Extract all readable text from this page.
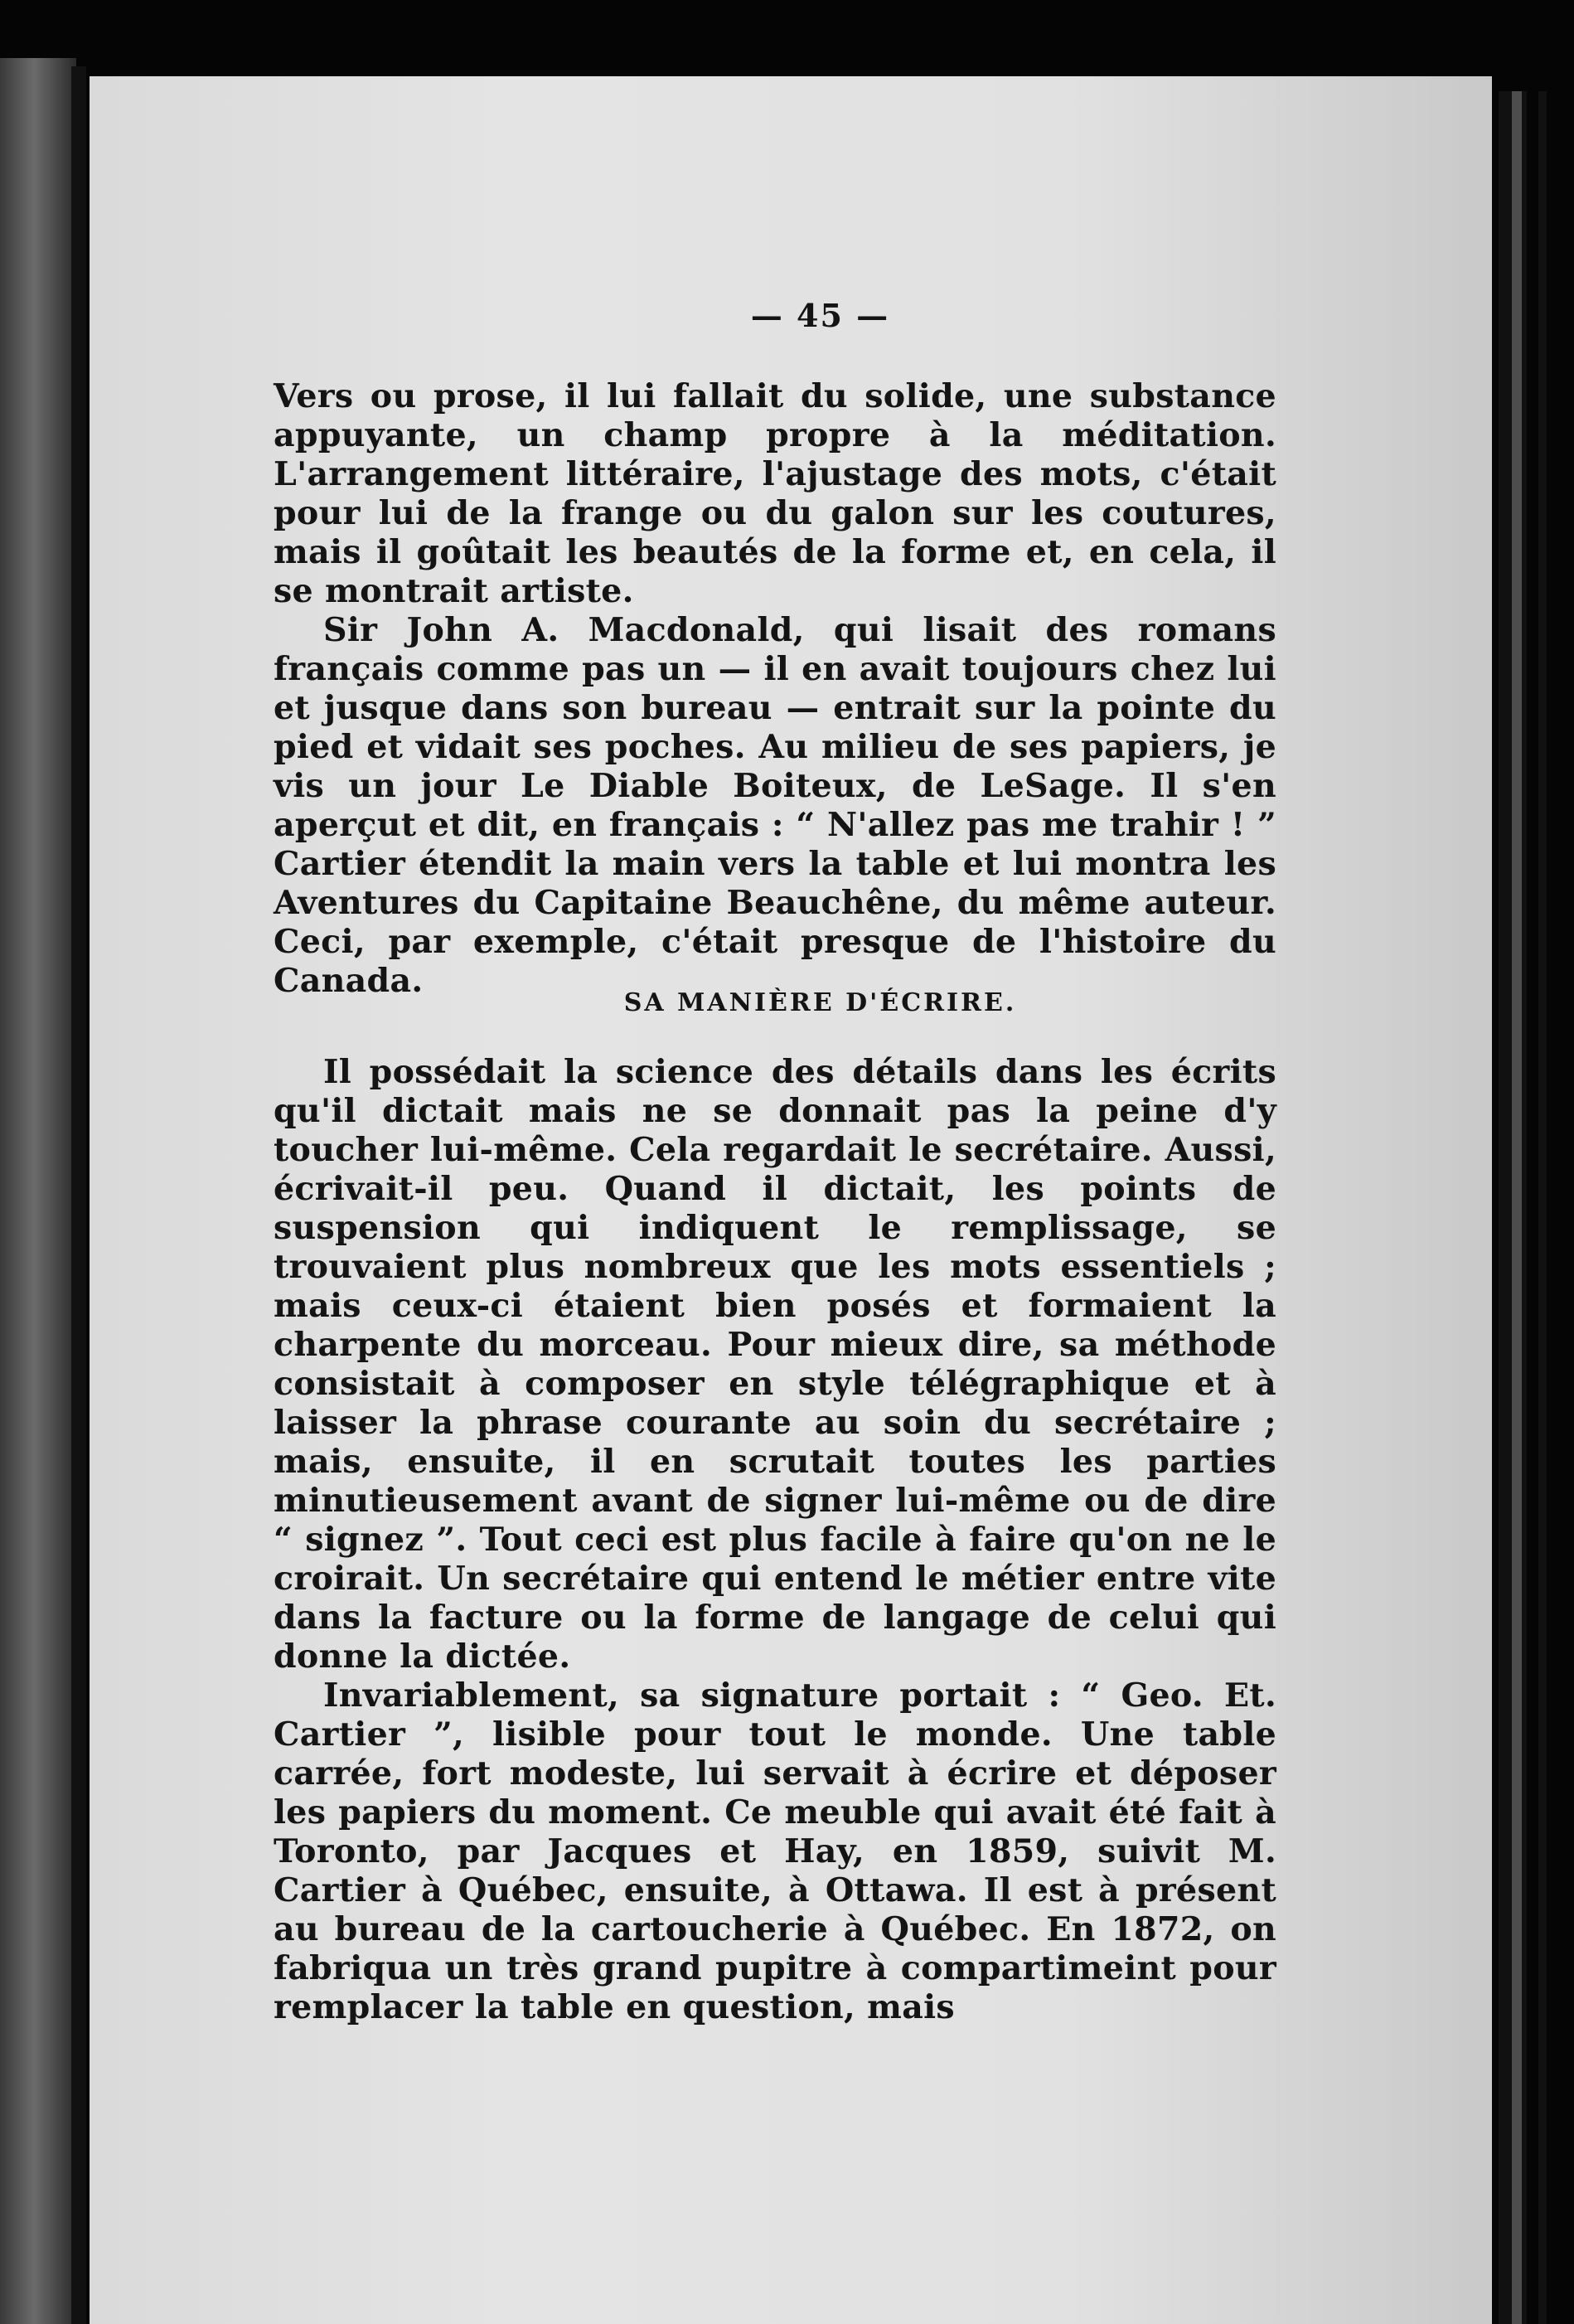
— 45 —

Vers ou prose, il lui fallait du solide, une substance appuyante, un champ propre à la méditation. L'arrangement littéraire, l'ajustage des mots, c'était pour lui de la frange ou du galon sur les coutures, mais il goûtait les beautés de la forme et, en cela, il se montrait artiste.

Sir John A. Macdonald, qui lisait des romans français comme pas un — il en avait toujours chez lui et jusque dans son bureau — entrait sur la pointe du pied et vidait ses poches. Au milieu de ses papiers, je vis un jour Le Diable Boiteux, de LeSage. Il s'en aperçut et dit, en français : “ N'allez pas me trahir ! ” Cartier étendit la main vers la table et lui montra les Aventures du Capitaine Beauchêne, du même auteur. Ceci, par exemple, c'était presque de l'histoire du Canada.

SA MANIÈRE D'ÉCRIRE.

Il possédait la science des détails dans les écrits qu'il dictait mais ne se donnait pas la peine d'y toucher lui-même. Cela regardait le secrétaire. Aussi, écrivait-il peu. Quand il dictait, les points de suspension qui indiquent le remplissage, se trouvaient plus nombreux que les mots essentiels ; mais ceux-ci étaient bien posés et formaient la charpente du morceau. Pour mieux dire, sa méthode consistait à composer en style télégraphique et à laisser la phrase courante au soin du secrétaire ; mais, ensuite, il en scrutait toutes les parties minutieusement avant de signer lui-même ou de dire “ signez ”. Tout ceci est plus facile à faire qu'on ne le croirait. Un secrétaire qui entend le métier entre vite dans la facture ou la forme de langage de celui qui donne la dictée.

Invariablement, sa signature portait : “ Geo. Et. Cartier ”, lisible pour tout le monde. Une table carrée, fort modeste, lui servait à écrire et déposer les papiers du moment. Ce meuble qui avait été fait à Toronto, par Jacques et Hay, en 1859, suivit M. Cartier à Québec, ensuite, à Ottawa. Il est à présent au bureau de la cartoucherie à Québec. En 1872, on fabriqua un très grand pupitre à compartimeint pour remplacer la table en question, mais
